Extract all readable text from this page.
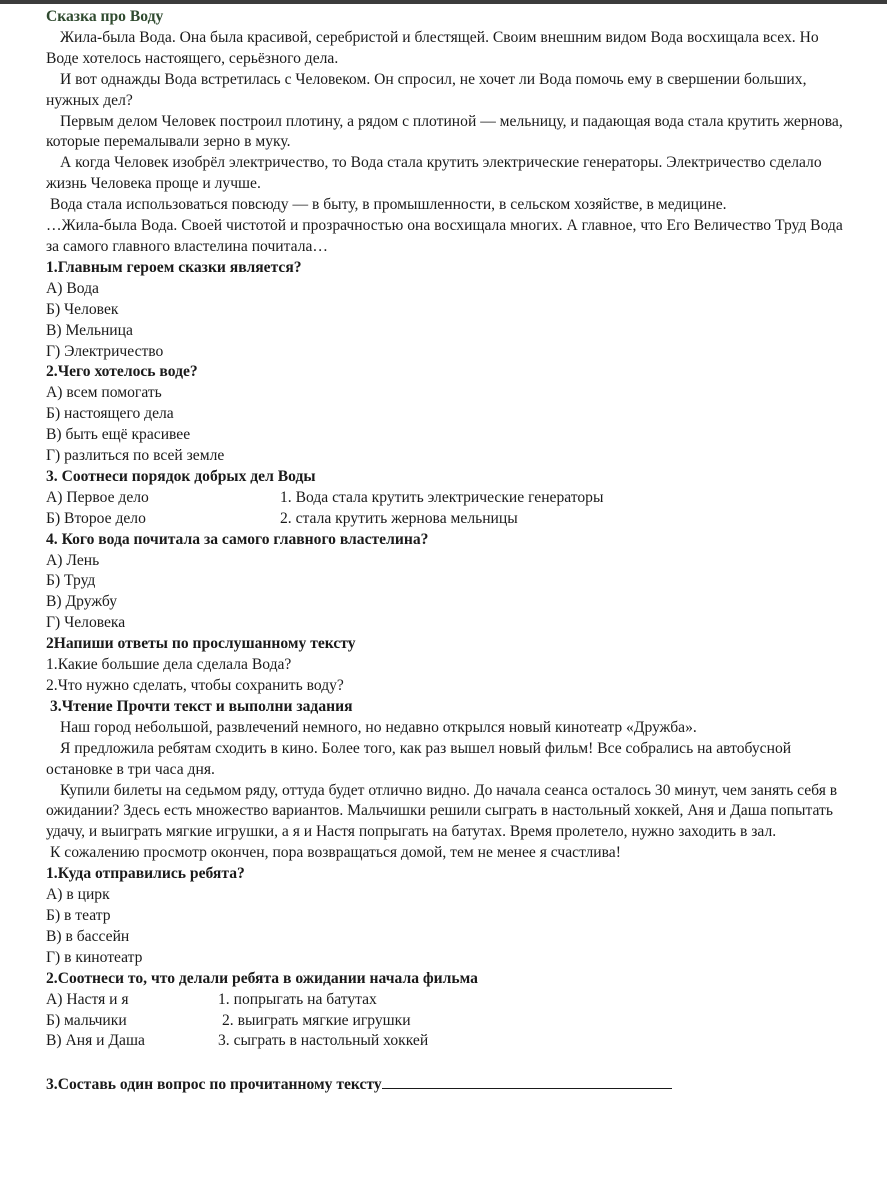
Сказка про Воду

Жила-была Вода. Она была красивой, серебристой и блестящей. Своим внешним видом Вода восхищала всех. Но Воде хотелось настоящего, серьёзного дела.

И вот однажды Вода встретилась с Человеком. Он спросил, не хочет ли Вода помочь ему в свершении больших, нужных дел?

Первым делом Человек построил плотину, а рядом с плотиной — мельницу, и падающая вода стала крутить жернова, которые перемалывали зерно в муку.

А когда Человек изобрёл электричество, то Вода стала крутить электрические генераторы. Электричество сделало жизнь Человека проще и лучше.

Вода стала использоваться повсюду — в быту, в промышленности, в сельском хозяйстве, в медицине.

…Жила-была Вода. Своей чистотой и прозрачностью она восхищала многих. А главное, что Его Величество Труд Вода за самого главного властелина почитала…

1.Главным героем сказки является?

А) Вода

Б) Человек

В) Мельница

Г) Электричество

2.Чего хотелось воде?

А) всем помогать

Б) настоящего дела

В) быть ещё красивее

Г) разлиться по всей земле

3. Соотнеси порядок добрых дел Воды

А) Первое дело	1. Вода стала крутить электрические генераторы
Б) Второе дело	2. стала крутить жернова мельницы

4. Кого вода почитала за самого главного властелина?

А) Лень

Б) Труд

В) Дружбу

Г) Человека

2Напиши ответы по прослушанному тексту

1.Какие большие дела сделала Вода?

2.Что нужно сделать, чтобы сохранить воду?

3.Чтение Прочти текст и выполни задания

Наш город небольшой, развлечений немного, но недавно открылся новый кинотеатр «Дружба».

Я предложила ребятам сходить в кино. Более того, как раз вышел новый фильм! Все собрались на автобусной остановке в три часа дня.

Купили билеты на седьмом ряду, оттуда будет отлично видно. До начала сеанса осталось 30 минут, чем занять себя в ожидании? Здесь есть множество вариантов. Мальчишки решили сыграть в настольный хоккей, Аня и Даша попытать удачу, и выиграть мягкие игрушки, а я и Настя попрыгать на батутах. Время пролетело, нужно заходить в зал.

К сожалению просмотр окончен, пора возвращаться домой, тем не менее я счастлива!

1.Куда отправились ребята?

А) в цирк

Б) в театр

В) в бассейн

Г) в кинотеатр

2.Соотнеси то, что делали ребята в ожидании начала фильма

А) Настя и я	1. попрыгать на батутах
Б) мальчики	2. выиграть мягкие игрушки
В) Аня и Даша	3. сыграть в настольный хоккей

3.Составь один вопрос по прочитанному тексту
